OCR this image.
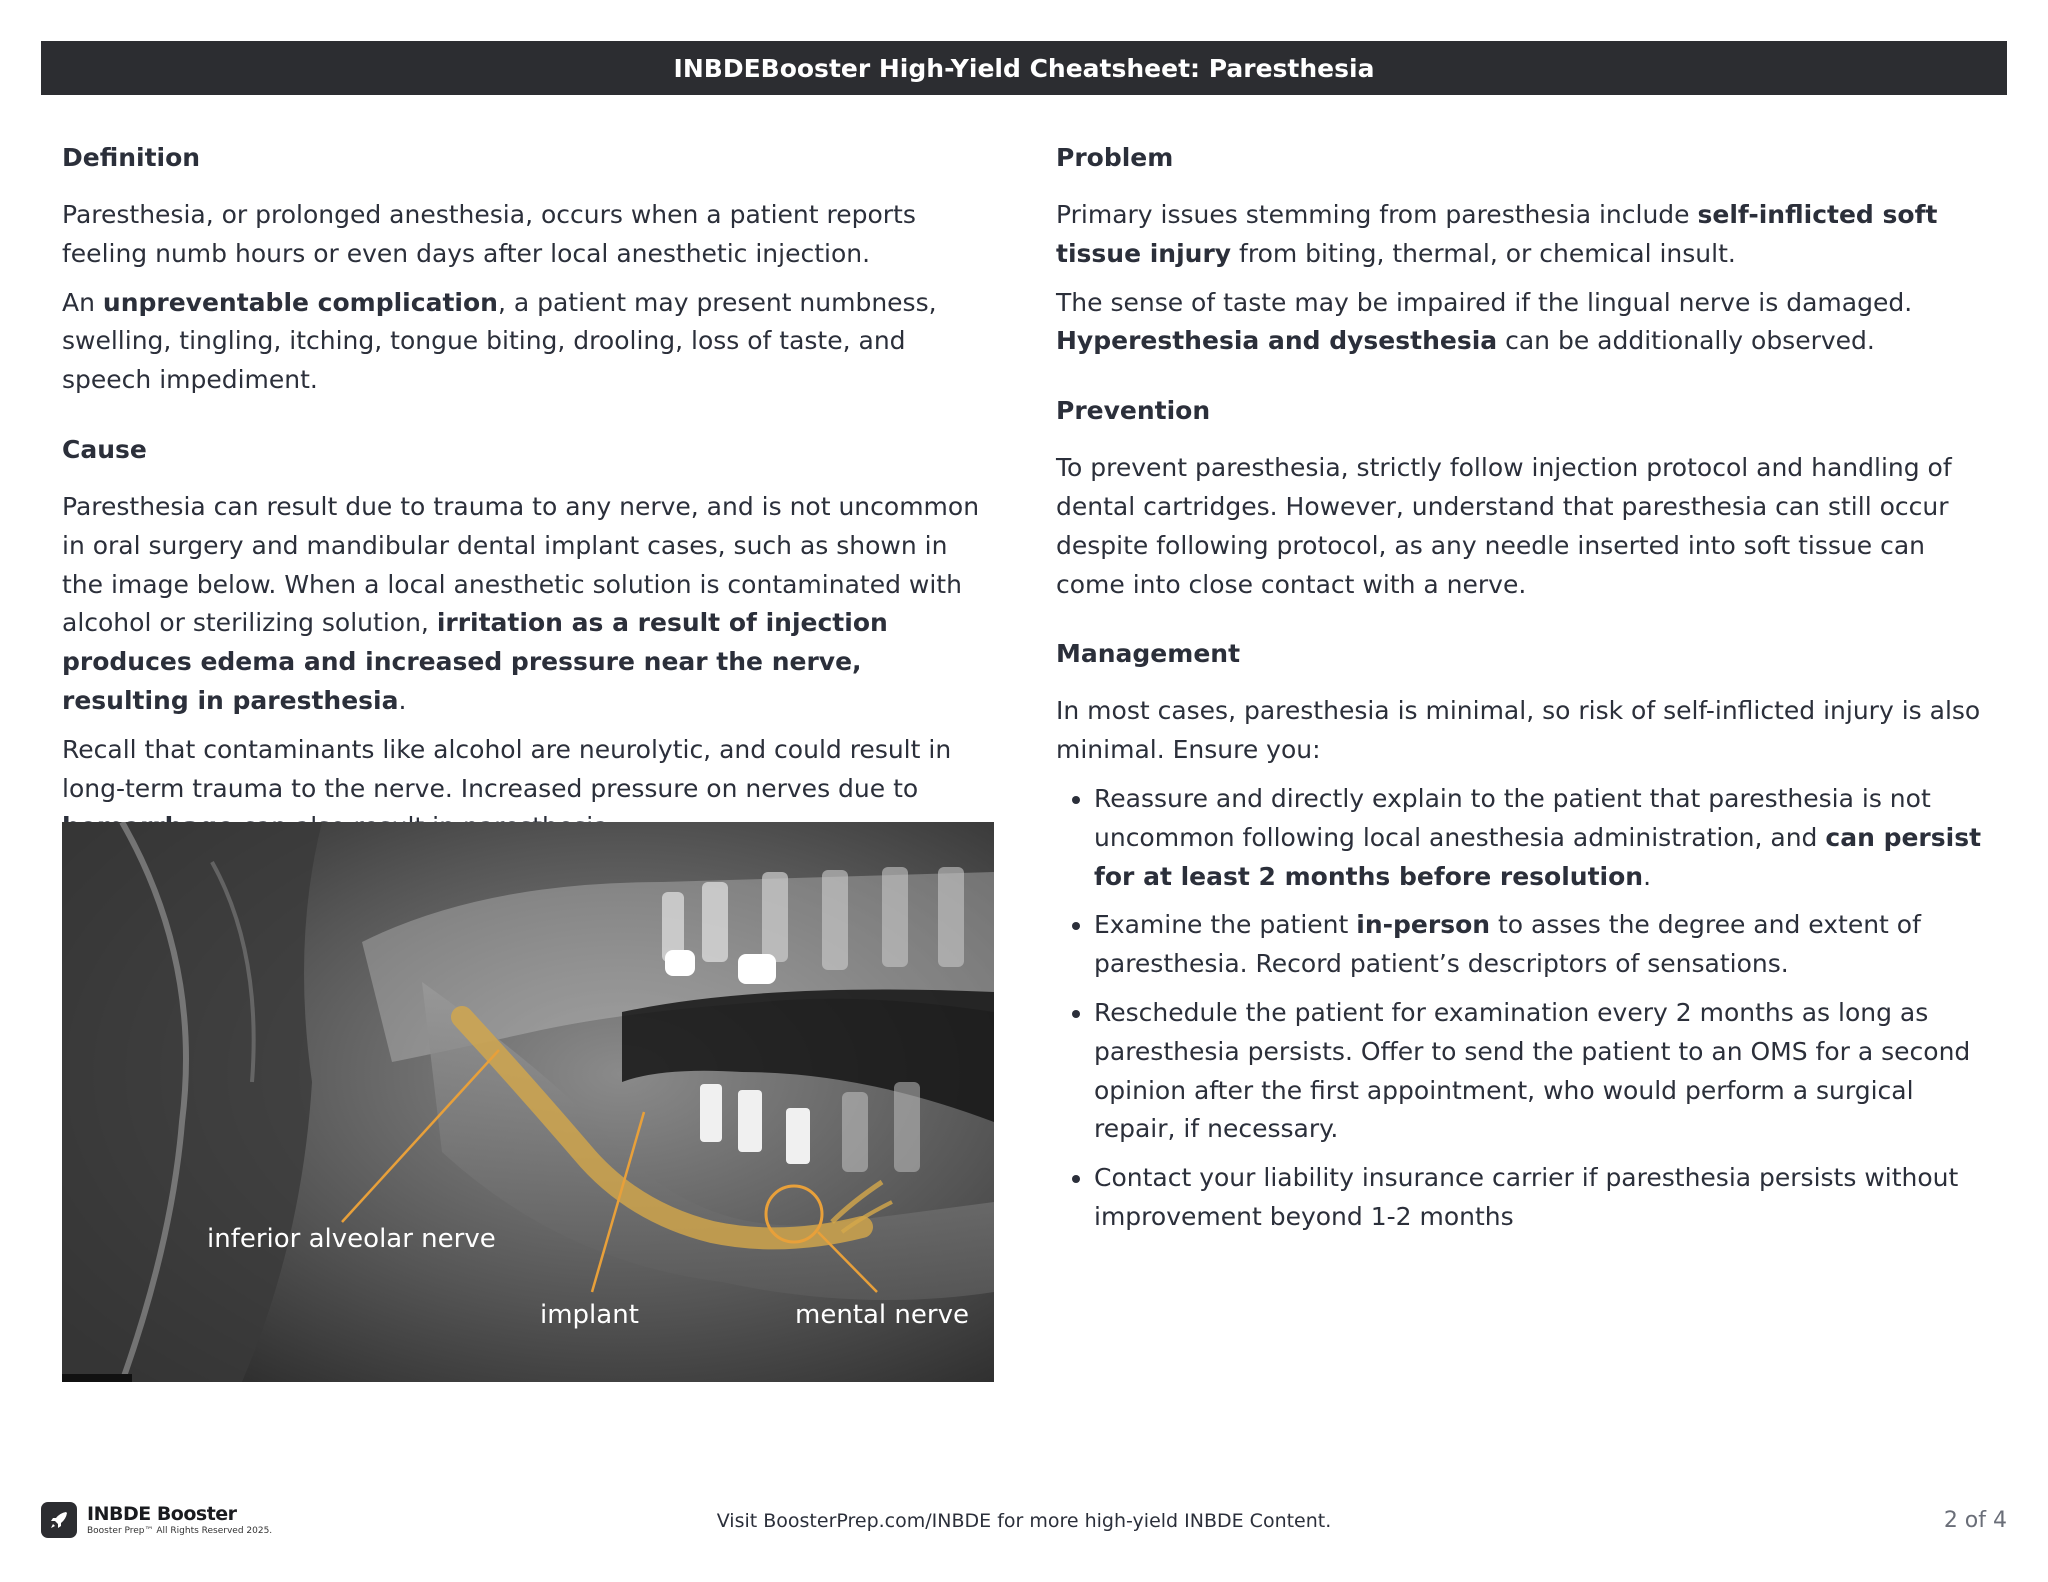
INBDEBooster High-Yield Cheatsheet: Paresthesia
Definition

Paresthesia, or prolonged anesthesia, occurs when a patient reports feeling numb hours or even days after local anesthetic injection.

An unpreventable complication, a patient may present numbness, swelling, tingling, itching, tongue biting, drooling, loss of taste, and speech impediment.

Cause

Paresthesia can result due to trauma to any nerve, and is not uncommon in oral surgery and mandibular dental implant cases, such as shown in the image below. When a local anesthetic solution is contaminated with alcohol or sterilizing solution, irritation as a result of injection produces edema and increased pressure near the nerve, resulting in paresthesia.

Recall that contaminants like alcohol are neurolytic, and could result in long-term trauma to the nerve. Increased pressure on nerves due to

inferior alveolar nerve
implant	mental nerve
Problem

Primary issues stemming from paresthesia include self-inflicted soft tissue injury from biting, thermal, or chemical insult.

The sense of taste may be impaired if the lingual nerve is damaged. Hyperesthesia and dysesthesia can be additionally observed.

Prevention

To prevent paresthesia, strictly follow injection protocol and handling of dental cartridges. However, understand that paresthesia can still occur despite following protocol, as any needle inserted into soft tissue can come into close contact with a nerve.

Management

In most cases, paresthesia is minimal, so risk of self-inflicted injury is also minimal. Ensure you:

• Reassure and directly explain to the patient that paresthesia is not uncommon following local anesthesia administration, and can persist for at least 2 months before resolution.
• Examine the patient in-person to asses the degree and extent of paresthesia. Record patient’s descriptors of sensations.
• Reschedule the patient for examination every 2 months as long as paresthesia persists. Offer to send the patient to an OMS for a second opinion after the first appointment, who would perform a surgical repair, if necessary.
• Contact your liability insurance carrier if paresthesia persists without improvement beyond 1-2 months
INBDE Booster
Booster Prep™ All Rights Reserved 2025.	Visit BoosterPrep.com/INBDE for more high-yield INBDE Content.	2 of 4
